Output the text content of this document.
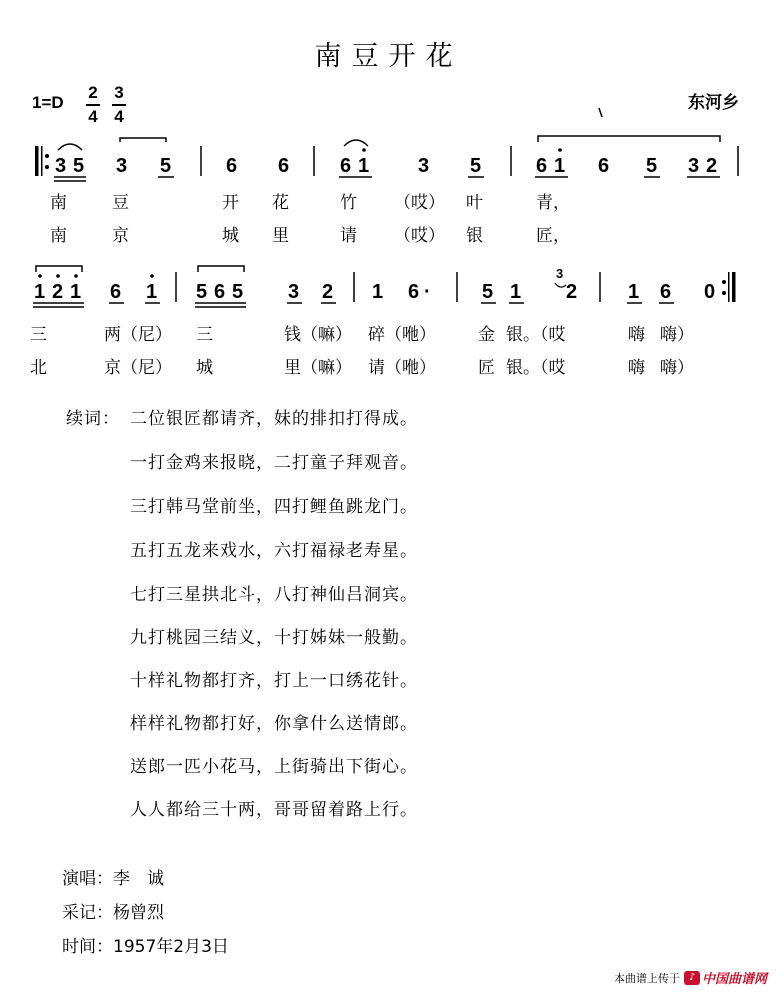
南豆开花
1=D
2
4
3
4
东河乡
3 5 3 5	6 6	6 1 3 5	6 1 6 5 3 2
1 2 1 6 1 5 6 5 3 2 1 6 ·	5 1
3
2	1 6 0
南	豆	开 花	竹 （哎） 叶	青，
南	京	城 里	请 （哎） 银	匠，
三	两（尼） 三	钱（嘛） 碎（咃） 金 银。（哎	嗨 嗨）
北	京（尼） 城	里（嘛） 请（咃） 匠 银。（哎	嗨 嗨）
续词： 二位银匠都请齐，妹的排扣打得成。
一打金鸡来报晓，二打童子拜观音。
三打韩马堂前坐，四打鲤鱼跳龙门。
五打五龙来戏水，六打福禄老寿星。
七打三星拱北斗，八打神仙吕洞宾。
九打桃园三结义，十打姊妹一般勤。
十样礼物都打齐，打上一口绣花针。
样样礼物都打好，你拿什么送情郎。
送郎一匹小花马，上街骑出下街心。
人人都给三十两，哥哥留着路上行。
演唱：李　诚
采记：杨曾烈
时间：1957年2月3日
本曲谱上传于 ♪ 中国曲谱网
